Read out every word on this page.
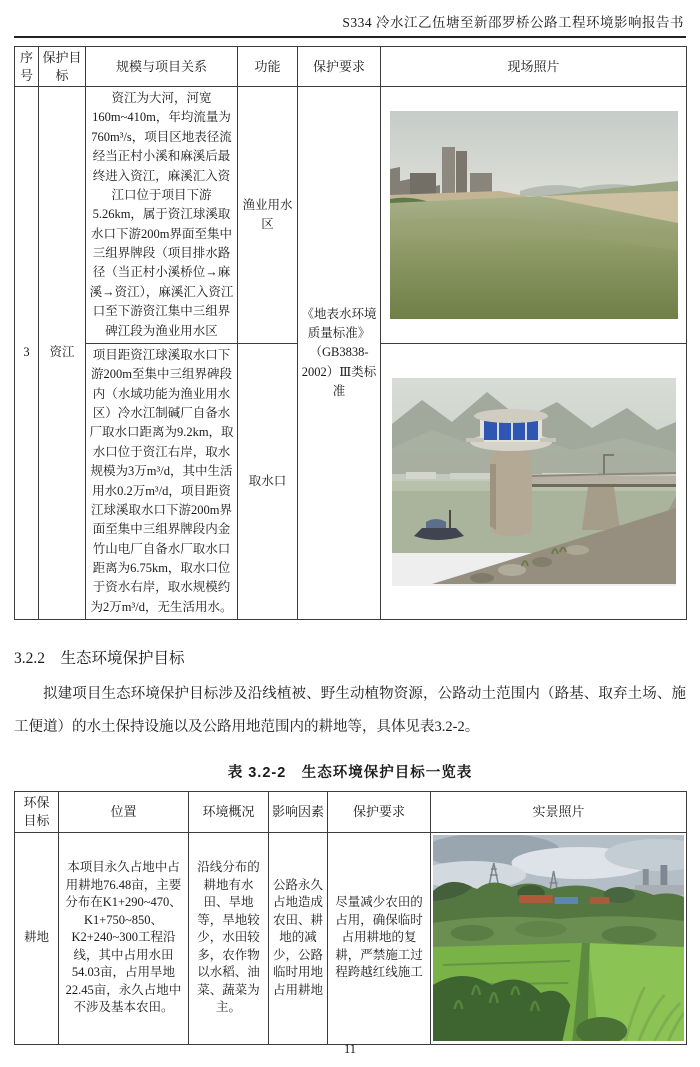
S334 冷水江乙伍塘至新邵罗桥公路工程环境影响报告书
序号	保护目标	规模与项目关系	功能	保护要求	现场照片
3	资江	资江为大河，河宽160m~410m，年均流量为760m³/s，项目区地表径流经当正村小溪和麻溪后最终进入资江，麻溪汇入资江口位于项目下游5.26km，属于资江球溪取水口下游200m界面至集中三组界牌段（项目排水路径（当正村小溪桥位→麻溪→资江），麻溪汇入资江口至下游资江集中三组界碑江段为渔业用水区	渔业用水区	《地表水环境质量标准》（GB3838-2002）Ⅲ类标准	

		项目距资江球溪取水口下游200m至集中三组界碑段内（水域功能为渔业用水区）冷水江制碱厂自备水厂取水口距离为9.2km，取水口位于资江右岸，取水规模为3万m³/d，其中生活用水0.2万m³/d，项目距资江球溪取水口下游200m界面至集中三组界牌段内金竹山电厂自备水厂取水口距离为6.75km，取水口位于资水右岸，取水规模约为2万m³/d，无生活用水。	取水口	
3.2.2　生态环境保护目标

拟建项目生态环境保护目标涉及沿线植被、野生动植物资源，公路动土范围内（路基、取弃土场、施工便道）的水土保持设施以及公路用地范围内的耕地等，具体见表3.2-2。

表 3.2-2　生态环境保护目标一览表
环保目标	位置	环境概况	影响因素	保护要求	实景照片
耕地	本项目永久占地中占用耕地76.48亩，主要分布在K1+290~470、K1+750~850、K2+240~300工程沿线，其中占用水田54.03亩，占用旱地22.45亩，永久占地中不涉及基本农田。	沿线分布的耕地有水田、旱地等，旱地较少，水田较多，农作物以水稻、油菜、蔬菜为主。	公路永久占地造成农田、耕地的减少，公路临时用地占用耕地	尽量减少农田的占用，确保临时占用耕地的复耕，严禁施工过程跨越红线施工	
11
